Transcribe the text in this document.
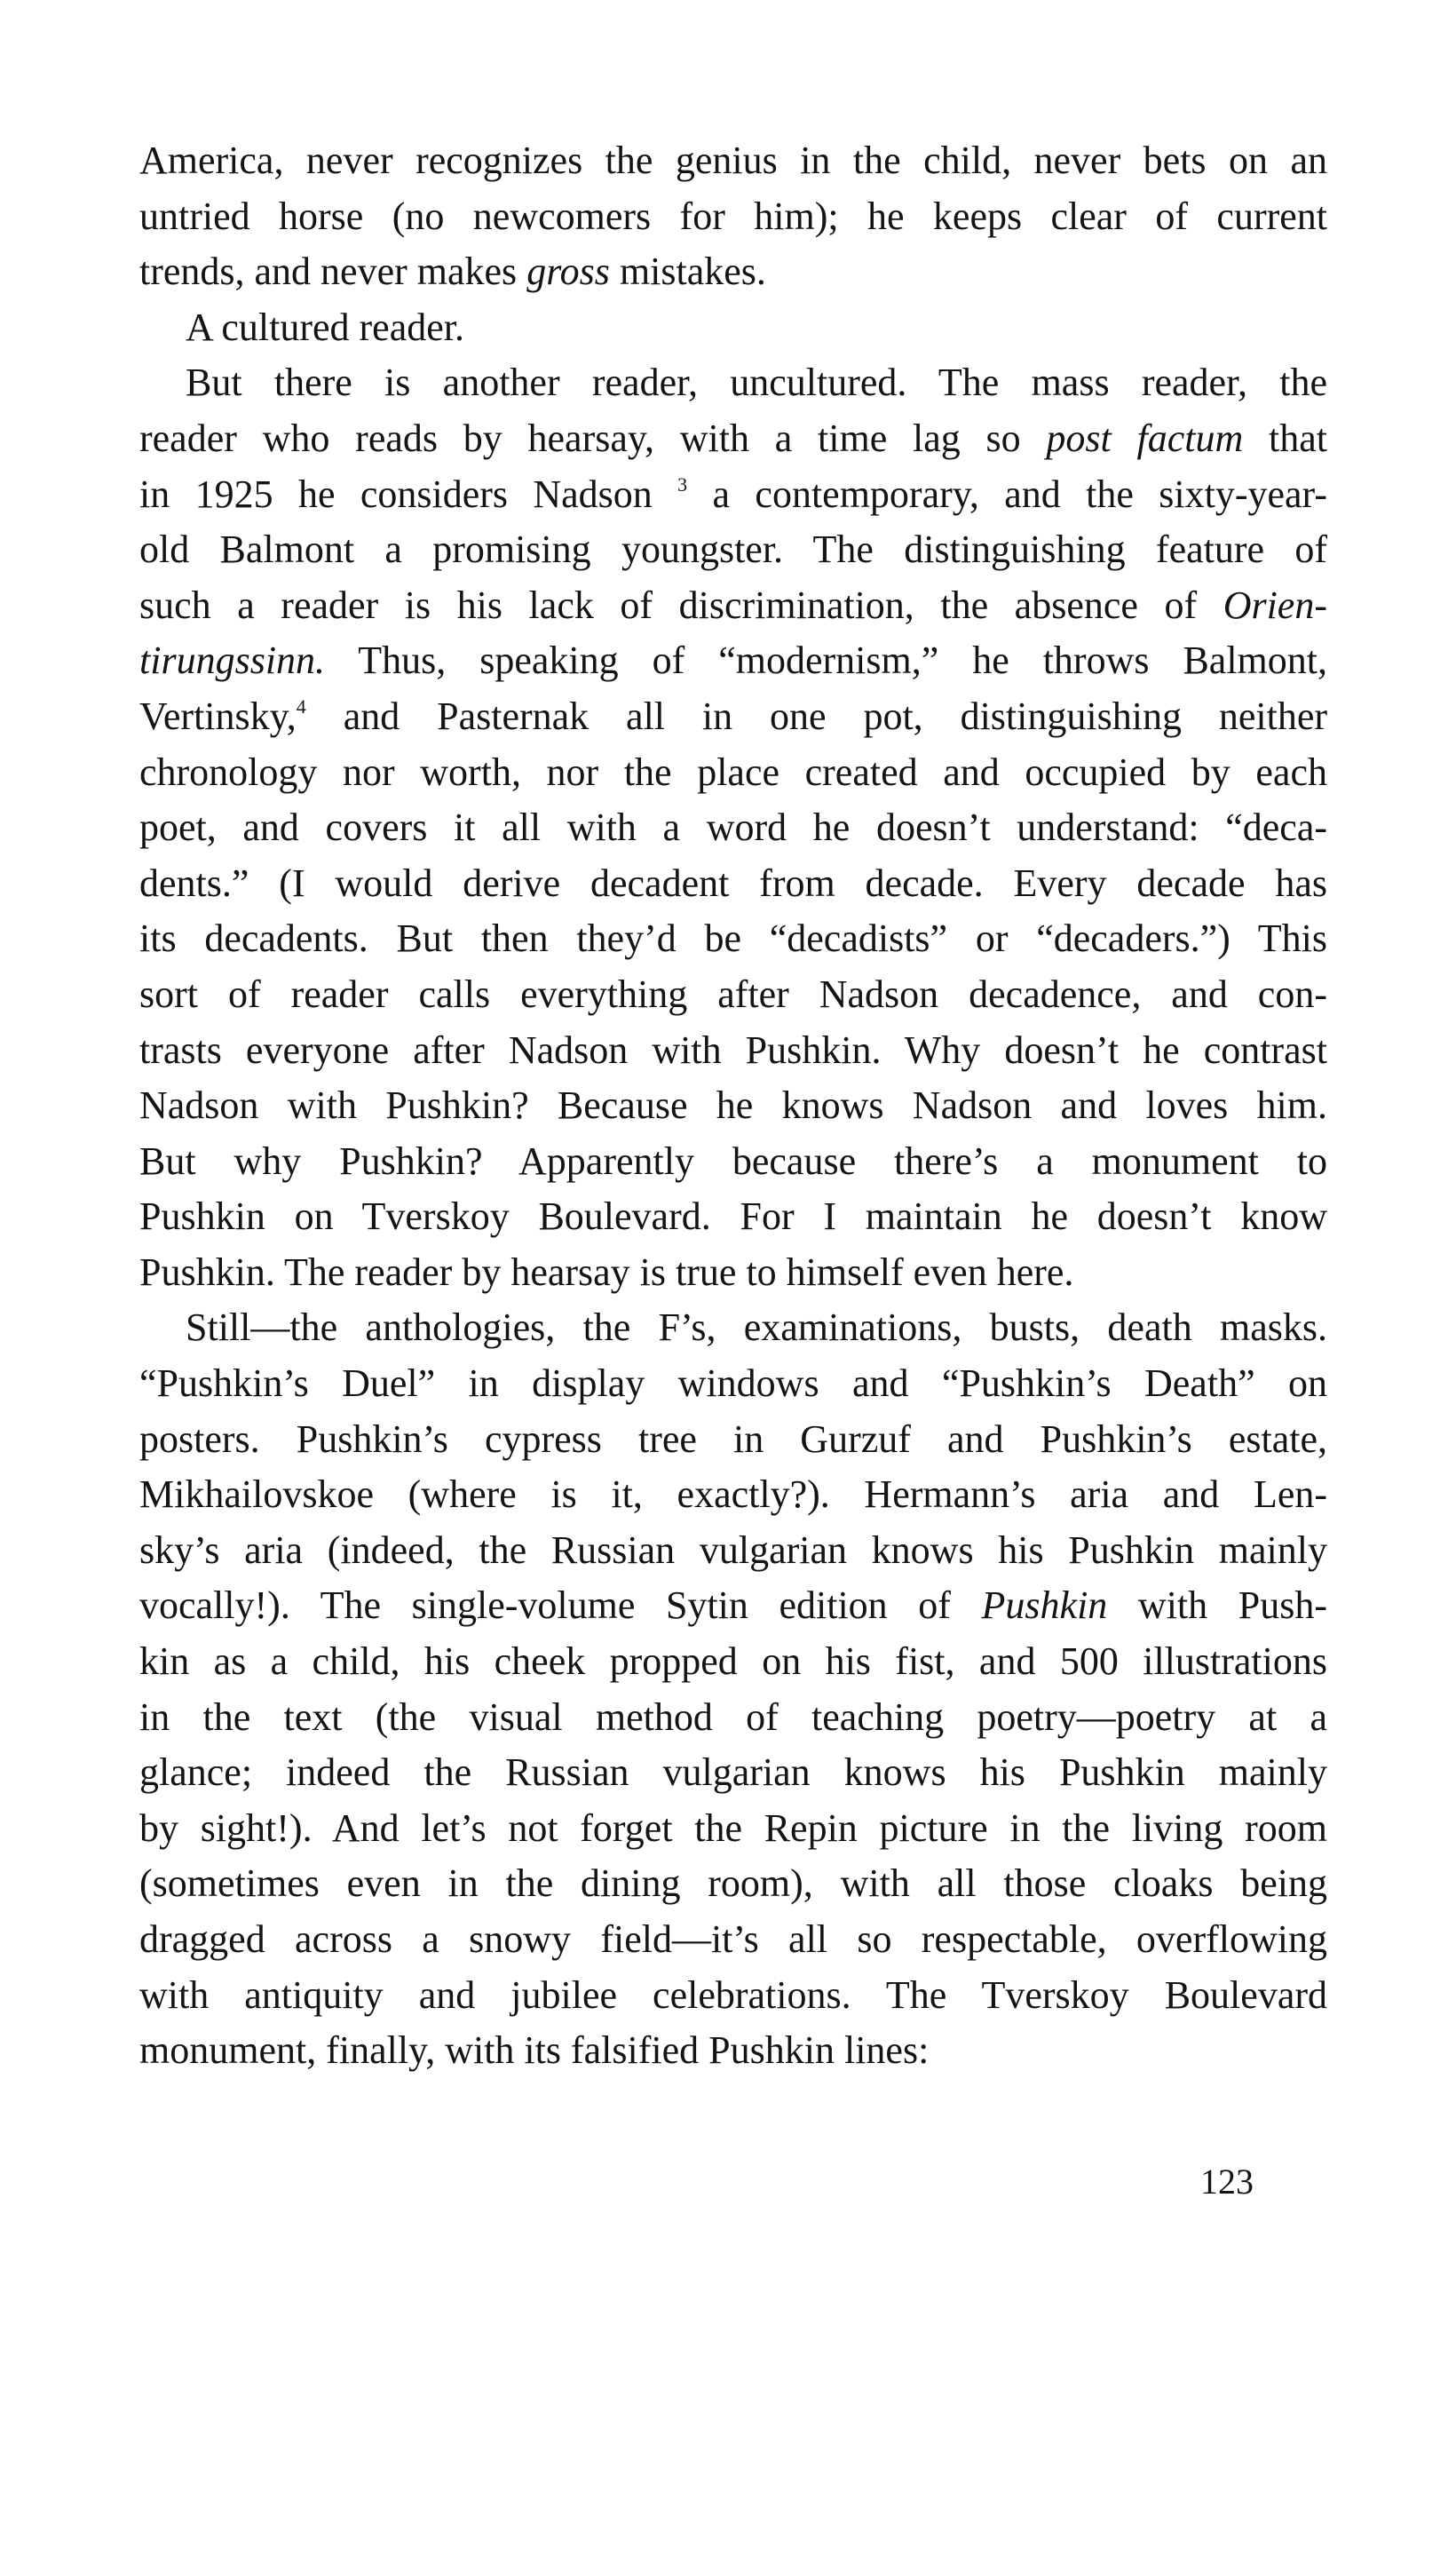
America, never recognizes the genius in the child, never bets on an
untried horse (no newcomers for him); he keeps clear of current
trends, and never makes gross mistakes.
A cultured reader.
But there is another reader, uncultured. The mass reader, the
reader who reads by hearsay, with a time lag so post factum that
in 1925 he considers Nadson $^3$ a contemporary, and the sixty-year-
old Balmont a promising youngster. The distinguishing feature of
such a reader is his lack of discrimination, the absence of Orien-
tirungssinn. Thus, speaking of “modernism,” he throws Balmont,
Vertinsky,$^4$ and Pasternak all in one pot, distinguishing neither
chronology nor worth, nor the place created and occupied by each
poet, and covers it all with a word he doesn’t understand: “deca-
dents.” (I would derive decadent from decade. Every decade has
its decadents. But then they’d be “decadists” or “decaders.”) This
sort of reader calls everything after Nadson decadence, and con-
trasts everyone after Nadson with Pushkin. Why doesn’t he contrast
Nadson with Pushkin? Because he knows Nadson and loves him.
But why Pushkin? Apparently because there’s a monument to
Pushkin on Tverskoy Boulevard. For I maintain he doesn’t know
Pushkin. The reader by hearsay is true to himself even here.
Still—the anthologies, the F’s, examinations, busts, death masks.
“Pushkin’s Duel” in display windows and “Pushkin’s Death” on
posters. Pushkin’s cypress tree in Gurzuf and Pushkin’s estate,
Mikhailovskoe (where is it, exactly?). Hermann’s aria and Len-
sky’s aria (indeed, the Russian vulgarian knows his Pushkin mainly
vocally!). The single-volume Sytin edition of Pushkin with Push-
kin as a child, his cheek propped on his fist, and 500 illustrations
in the text (the visual method of teaching poetry—poetry at a
glance; indeed the Russian vulgarian knows his Pushkin mainly
by sight!). And let’s not forget the Repin picture in the living room
(sometimes even in the dining room), with all those cloaks being
dragged across a snowy field—it’s all so respectable, overflowing
with antiquity and jubilee celebrations. The Tverskoy Boulevard
monument, finally, with its falsified Pushkin lines:
123
